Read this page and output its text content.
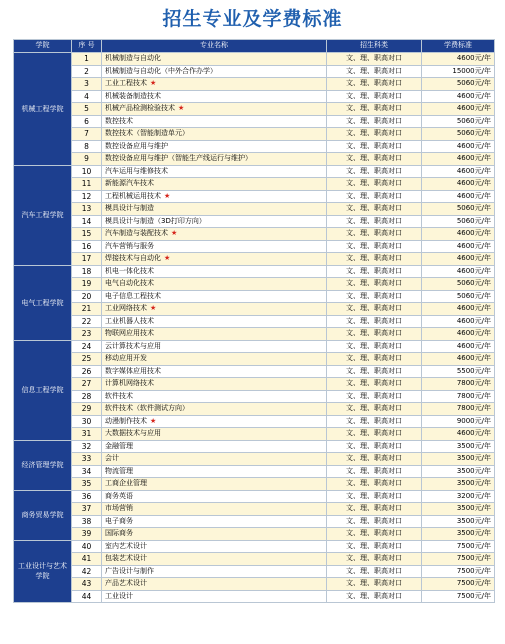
招生专业及学费标准
学院	序 号	专业名称	招生科类	学费标准
机械工程学院	1	机械制造与自动化	文、理、职高对口	4600元/年
	2	机械制造与自动化（中外合作办学）	文、理、职高对口	15000元/年
	3	工业工程技术 ★	文、理、职高对口	5060元/年
	4	机械装备制造技术	文、理、职高对口	4600元/年
	5	机械产品检测检验技术 ★	文、理、职高对口	4600元/年
	6	数控技术	文、理、职高对口	5060元/年
	7	数控技术（智能制造单元）	文、理、职高对口	5060元/年
	8	数控设备应用与维护	文、理、职高对口	4600元/年
	9	数控设备应用与维护（智能生产线运行与维护）	文、理、职高对口	4600元/年
汽车工程学院	10	汽车运用与维修技术	文、理、职高对口	4600元/年
	11	新能源汽车技术	文、理、职高对口	4600元/年
	12	工程机械运用技术 ★	文、理、职高对口	4600元/年
	13	模具设计与制造	文、理、职高对口	5060元/年
	14	模具设计与制造（3D打印方向）	文、理、职高对口	5060元/年
	15	汽车制造与装配技术 ★	文、理、职高对口	4600元/年
	16	汽车营销与服务	文、理、职高对口	4600元/年
	17	焊接技术与自动化 ★	文、理、职高对口	4600元/年
电气工程学院	18	机电一体化技术	文、理、职高对口	4600元/年
	19	电气自动化技术	文、理、职高对口	5060元/年
	20	电子信息工程技术	文、理、职高对口	5060元/年
	21	工业网络技术 ★	文、理、职高对口	4600元/年
	22	工业机器人技术	文、理、职高对口	4600元/年
	23	物联网应用技术	文、理、职高对口	4600元/年
信息工程学院	24	云计算技术与应用	文、理、职高对口	4600元/年
	25	移动应用开发	文、理、职高对口	4600元/年
	26	数字媒体应用技术	文、理、职高对口	5500元/年
	27	计算机网络技术	文、理、职高对口	7800元/年
	28	软件技术	文、理、职高对口	7800元/年
	29	软件技术（软件测试方向）	文、理、职高对口	7800元/年
	30	动漫制作技术 ★	文、理、职高对口	9000元/年
	31	大数据技术与应用	文、理、职高对口	4600元/年
经济管理学院	32	金融管理	文、理、职高对口	3500元/年
	33	会计	文、理、职高对口	3500元/年
	34	物流管理	文、理、职高对口	3500元/年
	35	工商企业管理	文、理、职高对口	3500元/年
商务贸易学院	36	商务英语	文、理、职高对口	3200元/年
	37	市场营销	文、理、职高对口	3500元/年
	38	电子商务	文、理、职高对口	3500元/年
	39	国际商务	文、理、职高对口	3500元/年
工业设计与艺术学院	40	室内艺术设计	文、理、职高对口	7500元/年
	41	包装艺术设计	文、理、职高对口	7500元/年
	42	广告设计与制作	文、理、职高对口	7500元/年
	43	产品艺术设计	文、理、职高对口	7500元/年
	44	工业设计	文、理、职高对口	7500元/年
